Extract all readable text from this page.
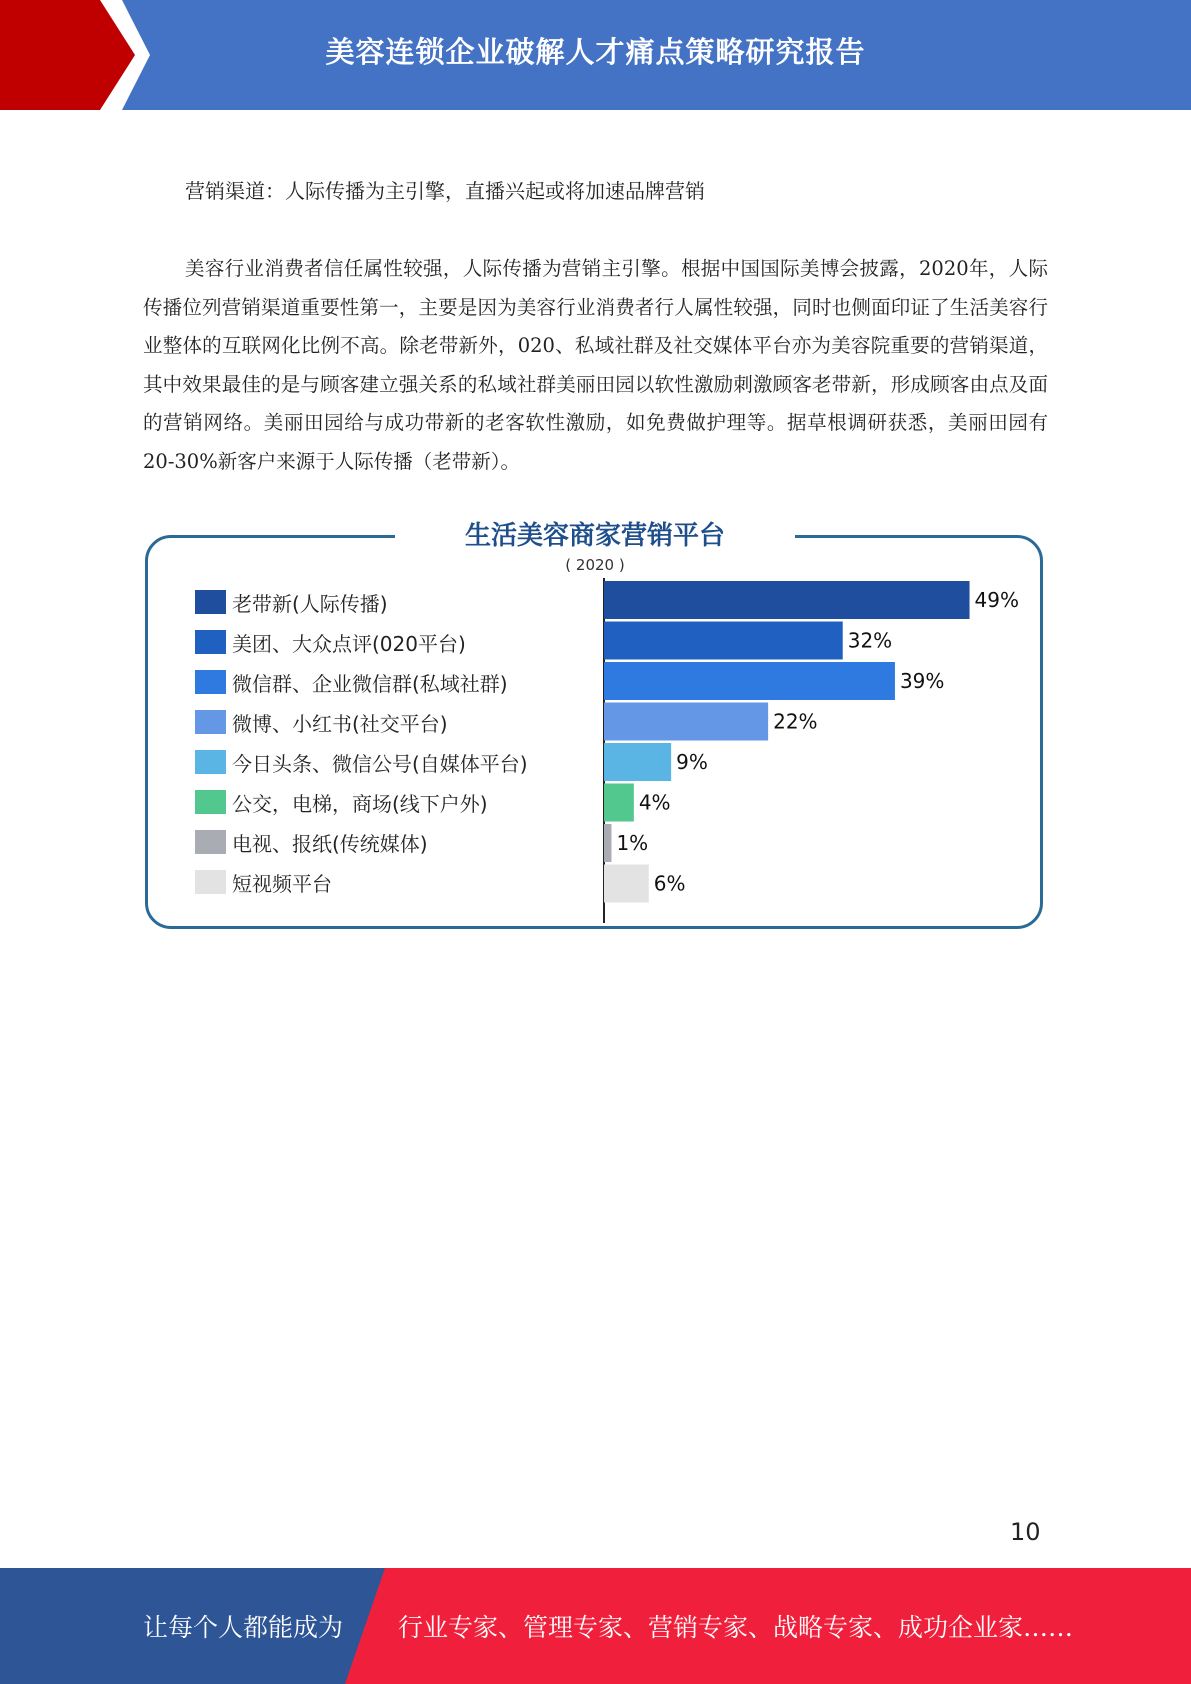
美容连锁企业破解人才痛点策略研究报告
营销渠道：人际传播为主引擎，直播兴起或将加速品牌营销
美容行业消费者信任属性较强，人际传播为营销主引擎。根据中国国际美博会披露，2020年，人际传播位列营销渠道重要性第一，主要是因为美容行业消费者行人属性较强，同时也侧面印证了生活美容行业整体的互联网化比例不高。除老带新外，020、私域社群及社交媒体平台亦为美容院重要的营销渠道，其中效果最佳的是与顾客建立强关系的私域社群美丽田园以软性激励刺激顾客老带新，形成顾客由点及面的营销网络。美丽田园给与成功带新的老客软性激励，如免费做护理等。据草根调研获悉，美丽田园有20-30%新客户来源于人际传播（老带新）。
生活美容商家营销平台
( 2020 )
老带新(人际传播)
美团、大众点评(020平台)
微信群、企业微信群(私域社群)
微博、小红书(社交平台)
今日头条、微信公号(自媒体平台)
公交，电梯，商场(线下户外)
电视、报纸(传统媒体)
短视频平台
49%
32%
39%
22%
9%
4%
1%
6%
10
让每个人都能成为 行业专家、管理专家、营销专家、战略专家、成功企业家……
